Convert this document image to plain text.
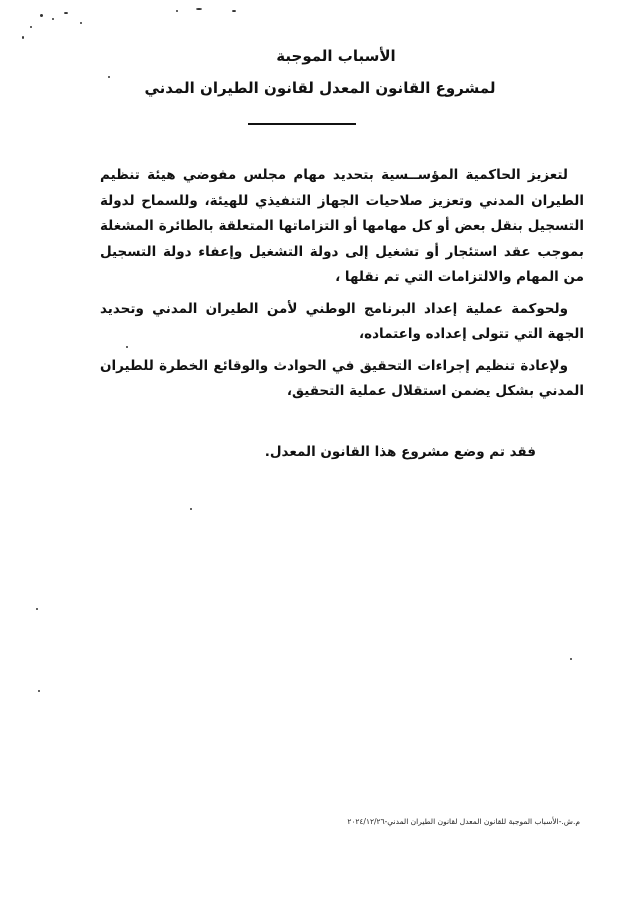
الأسباب الموجبة

لمشروع القانون المعدل لقانون الطيران المدني

لتعزيز الحاكمية المؤســسية بتحديد مهام مجلس مفوضي هيئة تنظيم الطيران المدني وتعزيز صلاحيات الجهاز التنفيذي للهيئة، وللسماح لدولة التسجيل بنقل بعض أو كل مهامها أو التزاماتها المتعلقة بالطائرة المشغلة بموجب عقد استئجار أو تشغيل إلى دولة التشغيل وإعفاء دولة التسجيل من المهام والالتزامات التي تم نقلها ،

ولحوكمة عملية إعداد البرنامج الوطني لأمن الطيران المدني وتحديد الجهة التي تتولى إعداده واعتماده،

ولإعادة تنظيم إجراءات التحقيق في الحوادث والوقائع الخطرة للطيران المدني بشكل يضمن استقلال عملية التحقيق،

فقد تم وضع مشروع هذا القانون المعدل.
م.ش.-الأسباب الموجبة للقانون المعدل لقانون الطيران المدني-٢٠٢٤/١٢/٢٦
